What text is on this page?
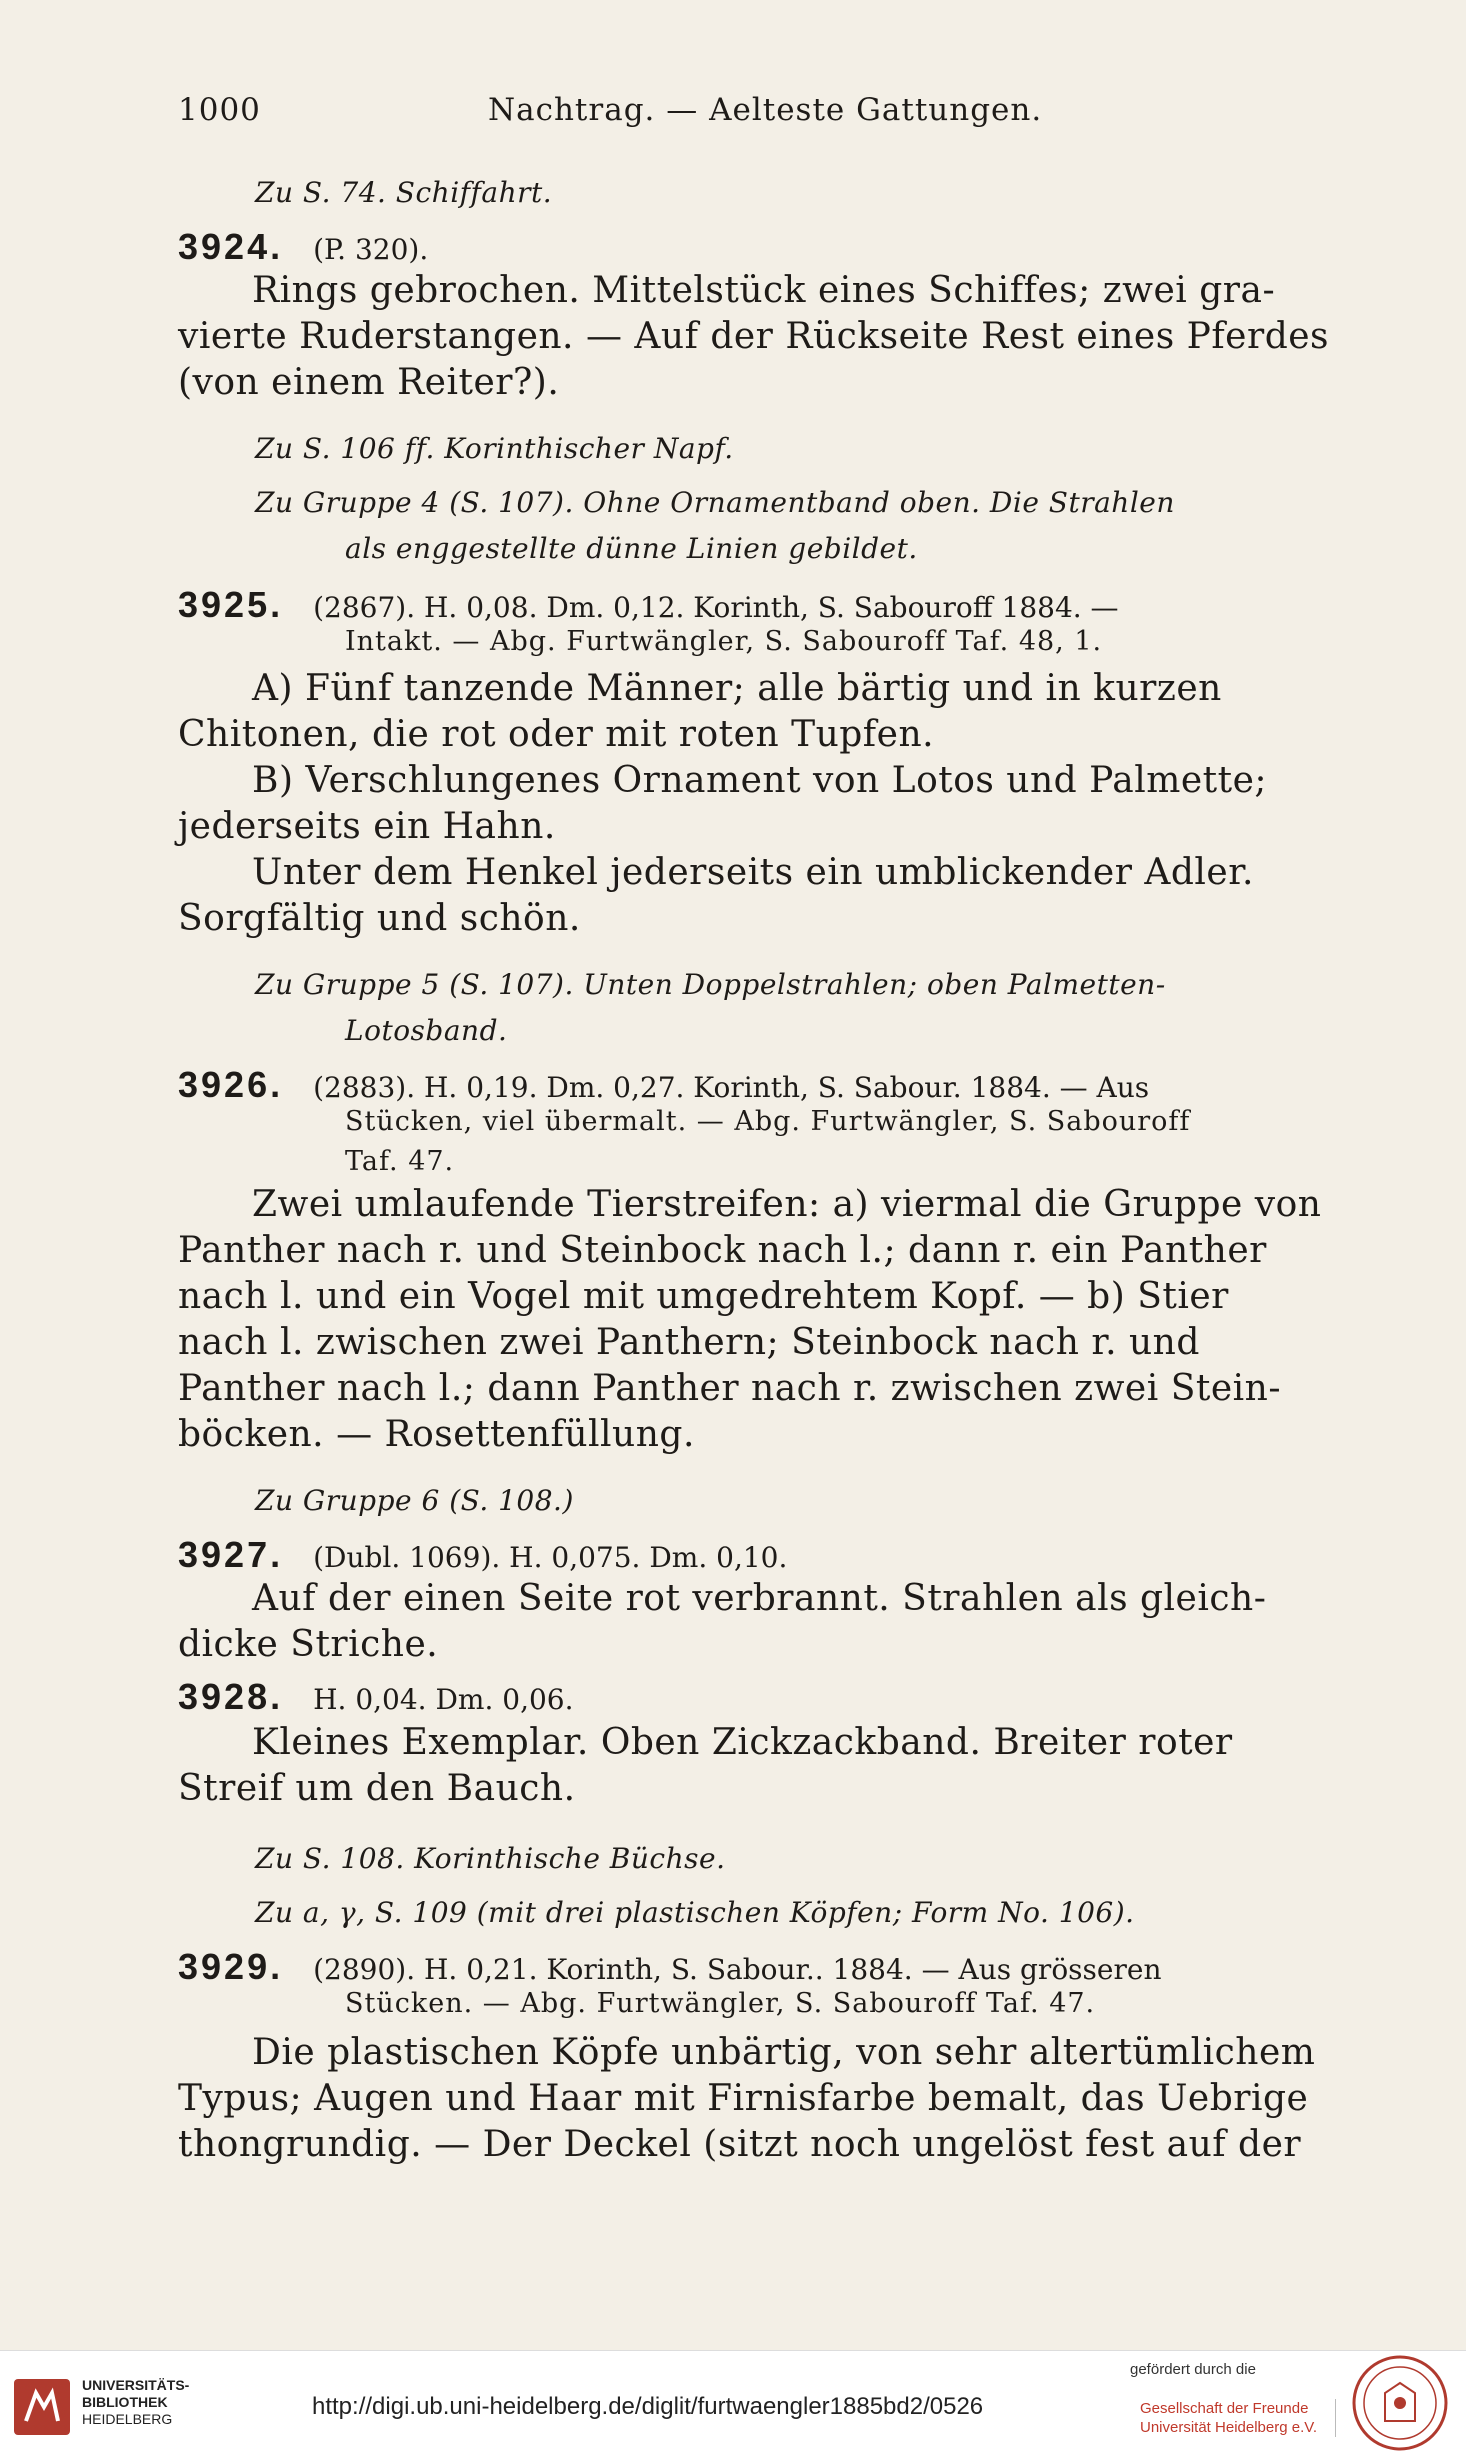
1000	Nachtrag. — Aelteste Gattungen.
Zu S. 74. Schiffahrt.
3924. (P. 320).
Rings gebrochen. Mittelstück eines Schiffes; zwei gra-
vierte Ruderstangen. — Auf der Rückseite Rest eines Pferdes
(von einem Reiter?).
Zu S. 106 ff. Korinthischer Napf.
Zu Gruppe 4 (S. 107). Ohne Ornamentband oben. Die Strahlen
als enggestellte dünne Linien gebildet.
3925. (2867). H. 0,08. Dm. 0,12. Korinth, S. Sabouroff 1884. —
Intakt. — Abg. Furtwängler, S. Sabouroff Taf. 48, 1.
A) Fünf tanzende Männer; alle bärtig und in kurzen
Chitonen, die rot oder mit roten Tupfen.
B) Verschlungenes Ornament von Lotos und Palmette;
jederseits ein Hahn.
Unter dem Henkel jederseits ein umblickender Adler.
Sorgfältig und schön.
Zu Gruppe 5 (S. 107). Unten Doppelstrahlen; oben Palmetten-
Lotosband.
3926. (2883). H. 0,19. Dm. 0,27. Korinth, S. Sabour. 1884. — Aus
Stücken, viel übermalt. — Abg. Furtwängler, S. Sabouroff
Taf. 47.
Zwei umlaufende Tierstreifen: a) viermal die Gruppe von
Panther nach r. und Steinbock nach l.; dann r. ein Panther
nach l. und ein Vogel mit umgedrehtem Kopf. — b) Stier
nach l. zwischen zwei Panthern; Steinbock nach r. und
Panther nach l.; dann Panther nach r. zwischen zwei Stein-
böcken. — Rosettenfüllung.
Zu Gruppe 6 (S. 108.)
3927. (Dubl. 1069). H. 0,075. Dm. 0,10.
Auf der einen Seite rot verbrannt. Strahlen als gleich-
dicke Striche.
3928. H. 0,04. Dm. 0,06.
Kleines Exemplar. Oben Zickzackband. Breiter roter
Streif um den Bauch.
Zu S. 108. Korinthische Büchse.
Zu a, γ, S. 109 (mit drei plastischen Köpfen; Form No. 106).
3929. (2890). H. 0,21. Korinth, S. Sabour.. 1884. — Aus grösseren
Stücken. — Abg. Furtwängler, S. Sabouroff Taf. 47.
Die plastischen Köpfe unbärtig, von sehr altertümlichem
Typus; Augen und Haar mit Firnisfarbe bemalt, das Uebrige
thongrundig. — Der Deckel (sitzt noch ungelöst fest auf der
UNIVERSITÄTS-
BIBLIOTHEK
HEIDELBERG	http://digi.ub.uni-heidelberg.de/diglit/furtwaengler1885bd2/0526
gefördert durch die
Gesellschaft der Freunde
Universität Heidelberg e.V.
